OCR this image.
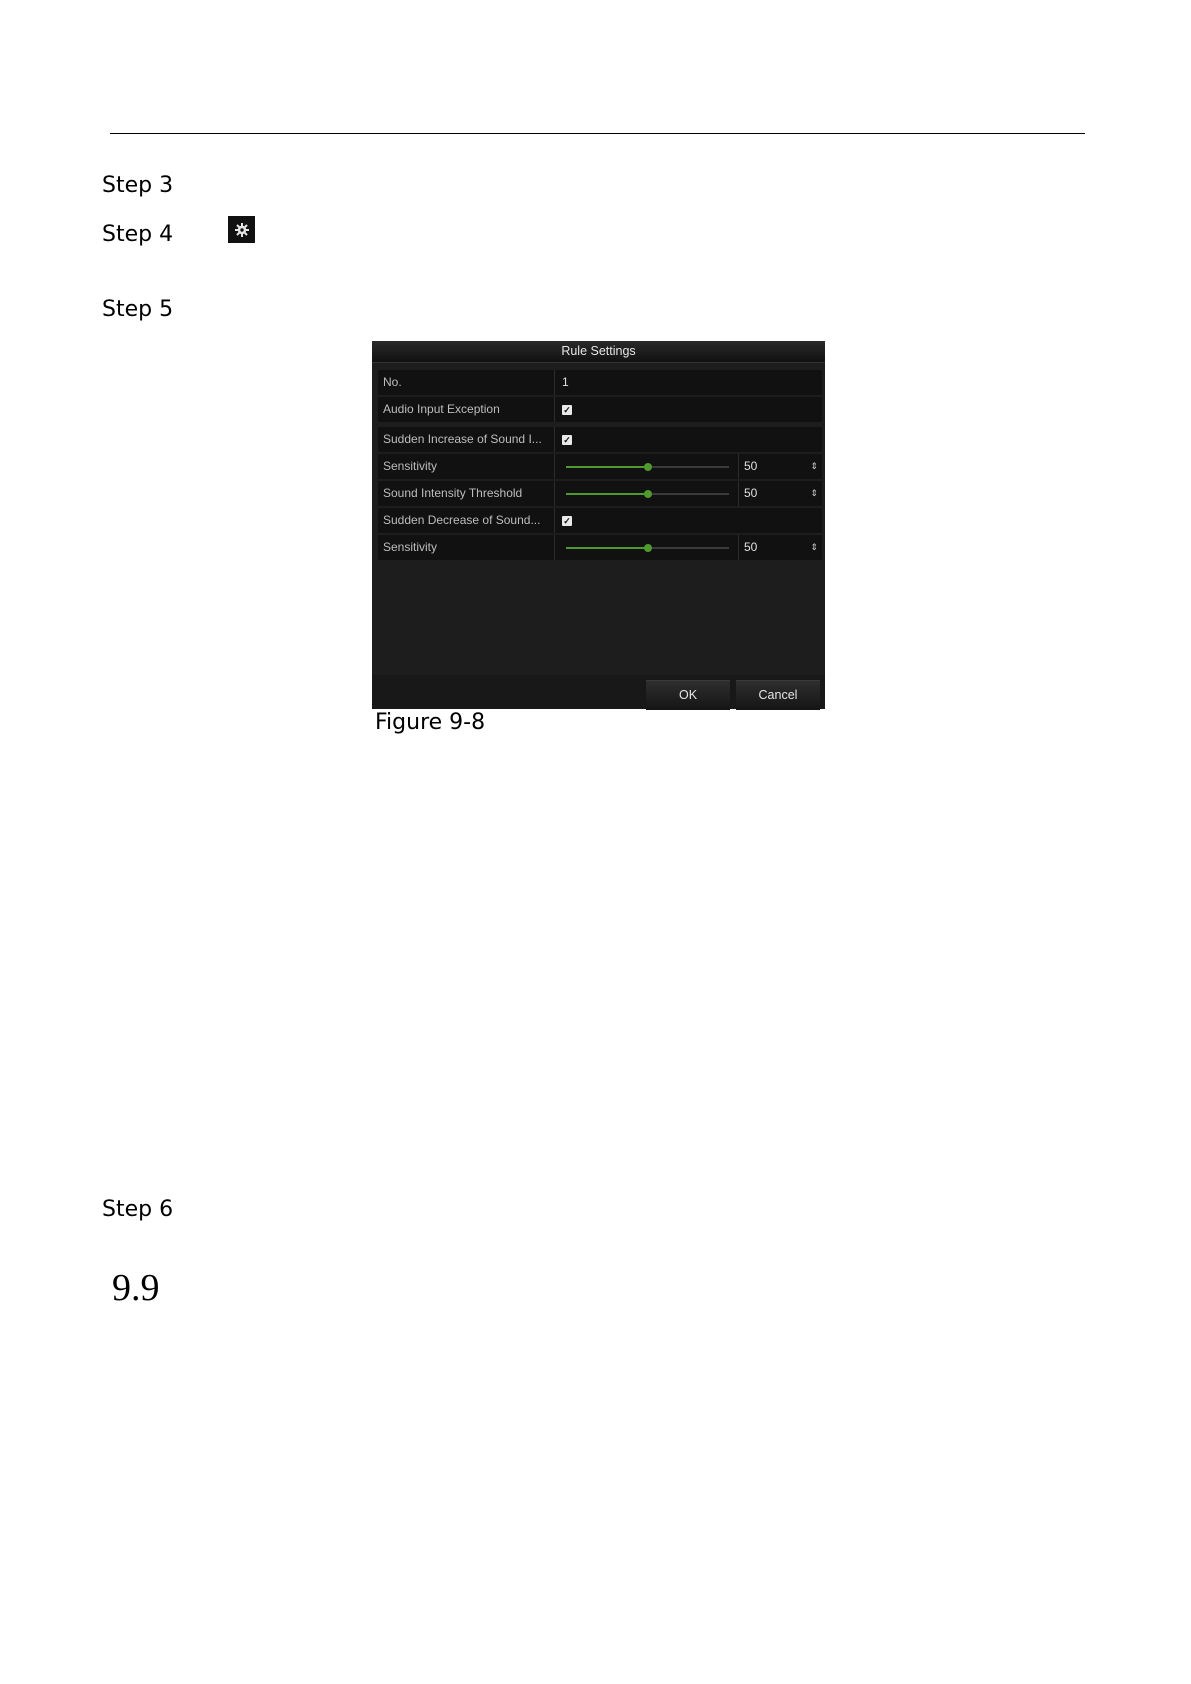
Step 3
Step 4
Step 5
Rule Settings
No.	1
Audio Input Exception	✓
Sudden Increase of Sound I...	✓
Sensitivity	50	⇕
Sound Intensity Threshold	50	⇕
Sudden Decrease of Sound...	✓
Sensitivity	50	⇕
OK	Cancel
Figure 9-8
Step 6
9.9
